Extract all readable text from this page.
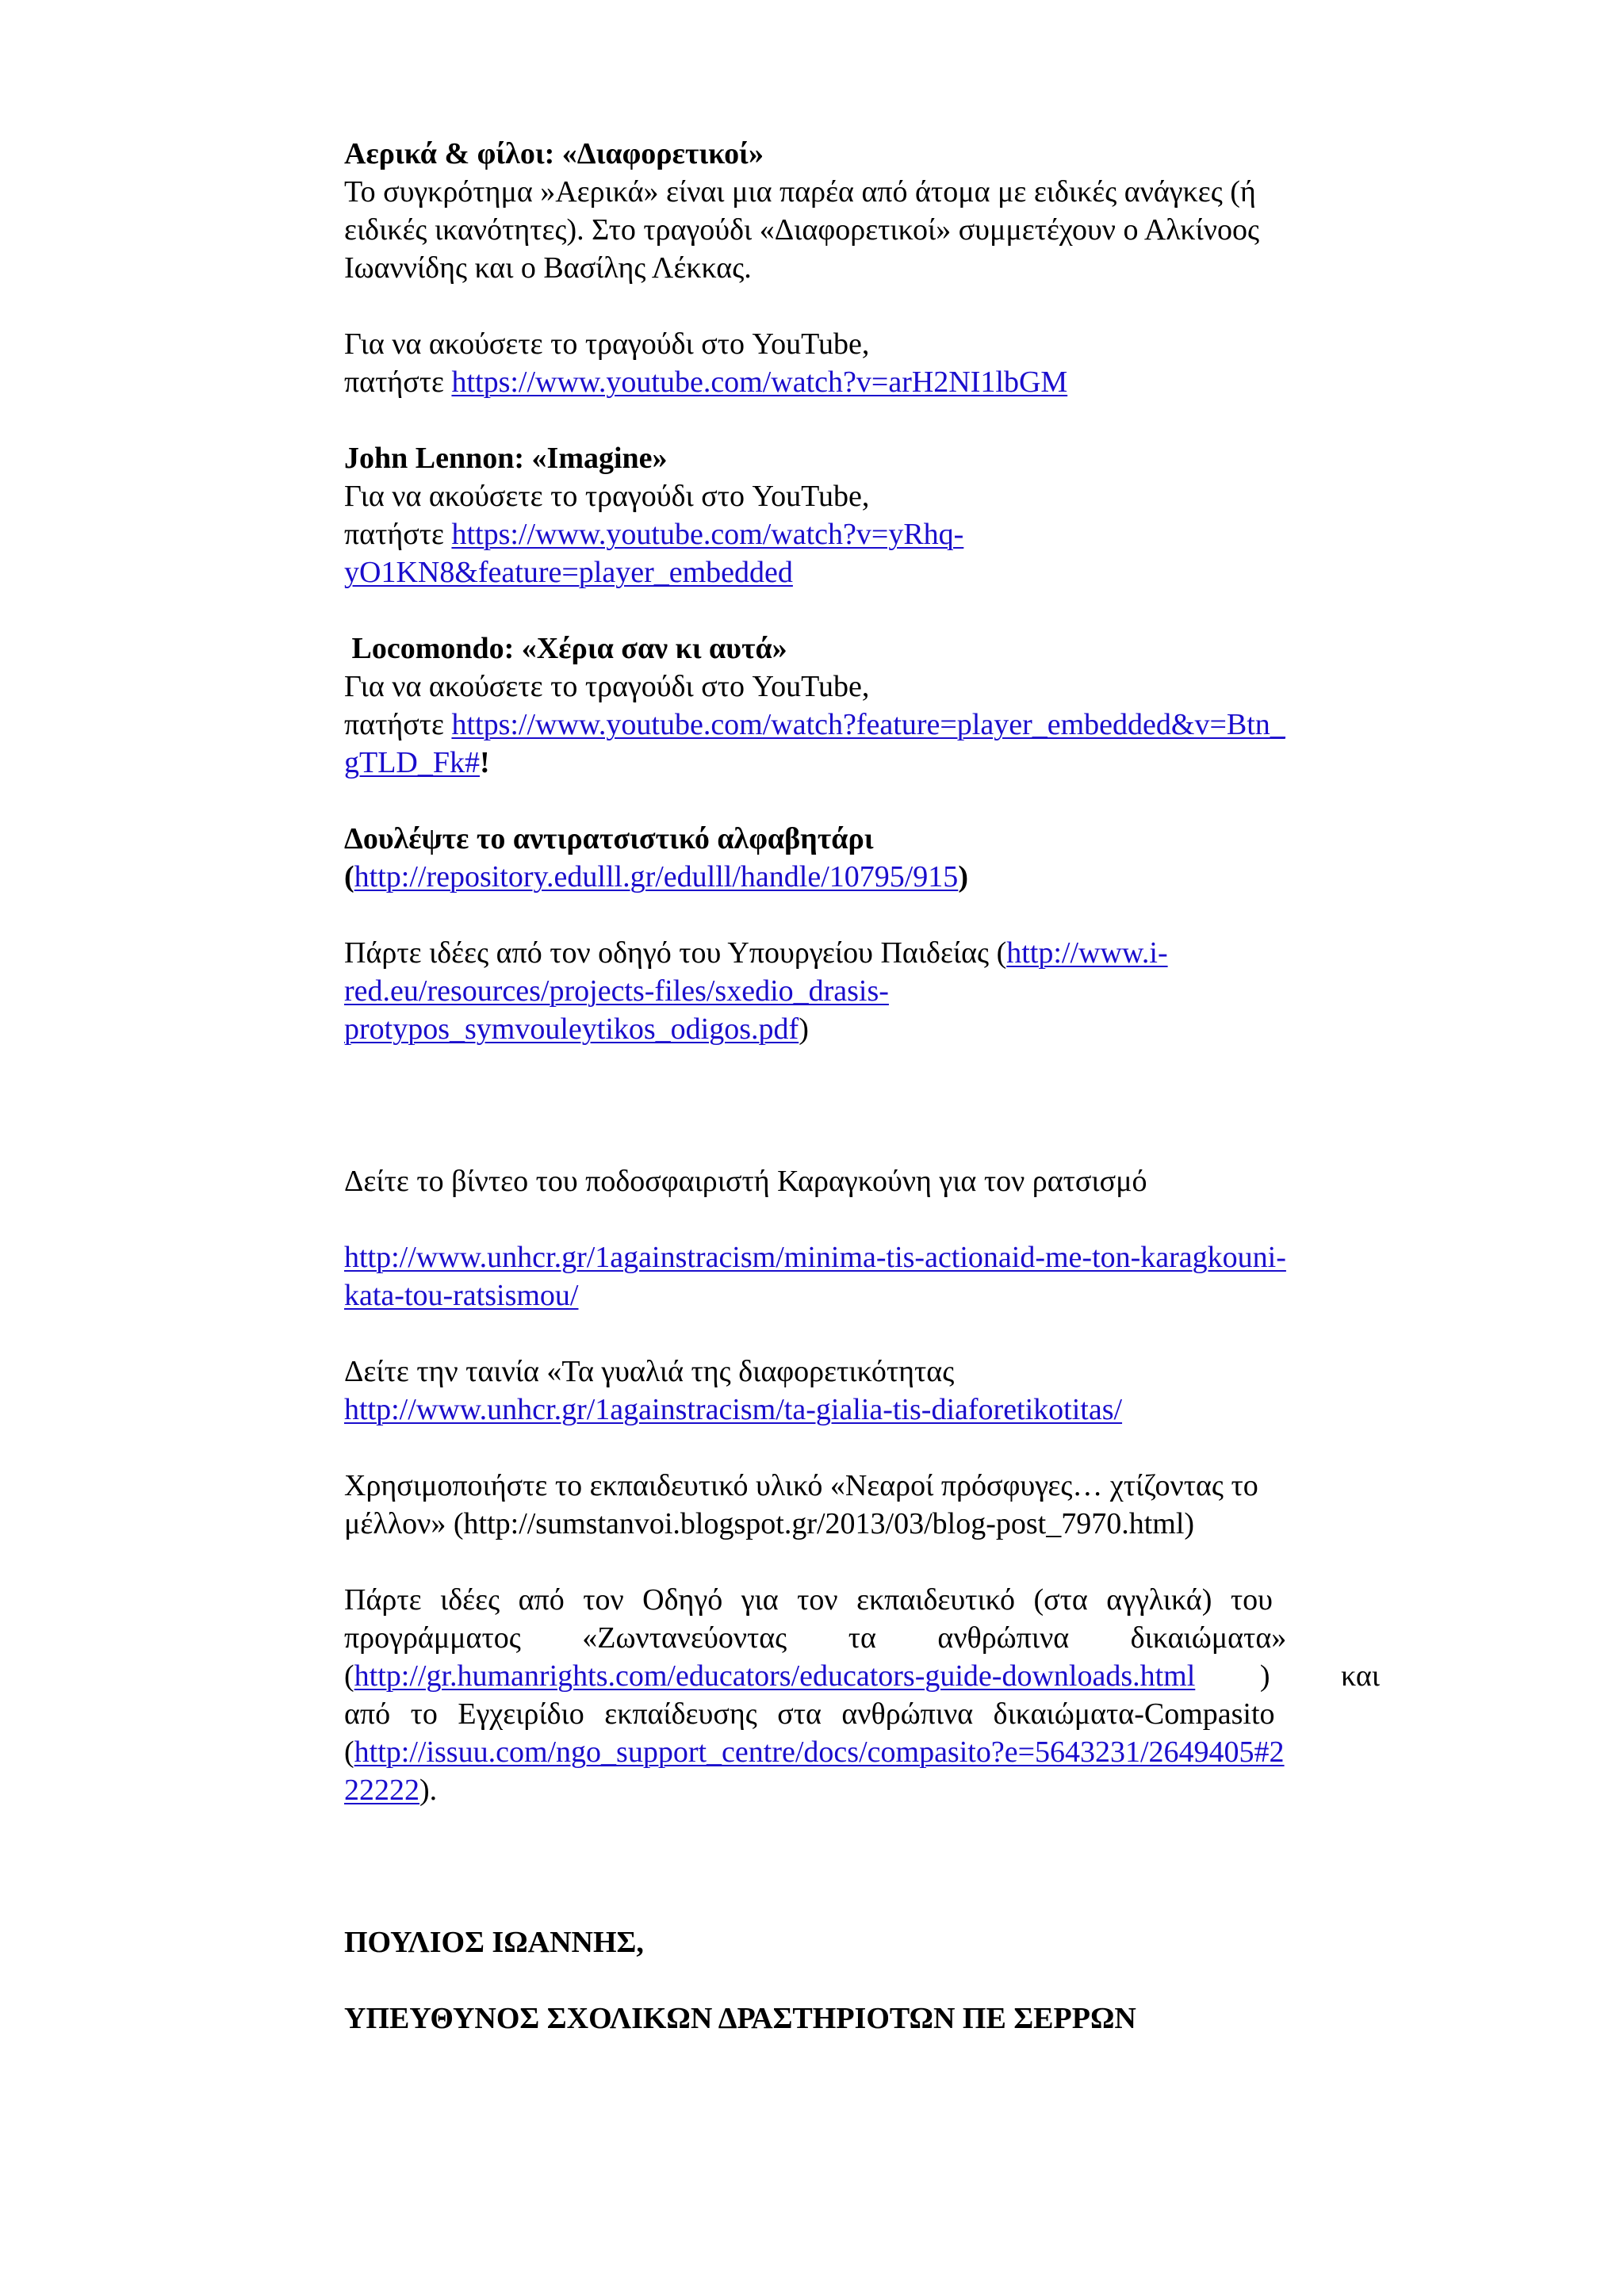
Αερικά & φίλοι: «Διαφορετικοί»
Το συγκρότημα »Αερικά» είναι μια παρέα από άτομα με ειδικές ανάγκες (ή
ειδικές ικανότητες). Στο τραγούδι «Διαφορετικοί» συμμετέχουν ο Αλκίνοος
Ιωαννίδης και ο Βασίλης Λέκκας.
Για να ακούσετε το τραγούδι στο YouTube,
πατήστε https://www.youtube.com/watch?v=arH2NI1lbGM
John Lennon: «Imagine»
Για να ακούσετε το τραγούδι στο YouTube,
πατήστε https://www.youtube.com/watch?v=yRhq-
yO1KN8&feature=player_embedded
Locomondo: «Χέρια σαν κι αυτά»
Για να ακούσετε το τραγούδι στο YouTube,
πατήστε https://www.youtube.com/watch?feature=player_embedded&v=Btn_
gTLD_Fk#!
Δουλέψτε το αντιρατσιστικό αλφαβητάρι
(http://repository.edulll.gr/edulll/handle/10795/915)
Πάρτε ιδέες από τον οδηγό του Υπουργείου Παιδείας (http://www.i-
red.eu/resources/projects-files/sxedio_drasis-
protypos_symvouleytikos_odigos.pdf)
Δείτε το βίντεο του ποδοσφαιριστή Καραγκούνη για τον ρατσισμό
http://www.unhcr.gr/1againstracism/minima-tis-actionaid-me-ton-karagkouni-
kata-tou-ratsismou/
Δείτε την ταινία «Τα γυαλιά της διαφορετικότητας
http://www.unhcr.gr/1againstracism/ta-gialia-tis-diaforetikotitas/
Χρησιμοποιήστε το εκπαιδευτικό υλικό «Νεαροί πρόσφυγες… χτίζοντας το
μέλλον» (http://sumstanvoi.blogspot.gr/2013/03/blog-post_7970.html)
Πάρτε ιδέες από τον Οδηγό για τον εκπαιδευτικό (στα αγγλικά) του
προγράμματος «Ζωντανεύοντας τα ανθρώπινα δικαιώματα»
(http://gr.humanrights.com/educators/educators-guide-downloads.html ) και
από το Εγχειρίδιο εκπαίδευσης στα ανθρώπινα δικαιώματα-Compasito
(http://issuu.com/ngo_support_centre/docs/compasito?e=5643231/2649405#2
22222).
ΠΟΥΛΙΟΣ ΙΩΑΝΝΗΣ,
ΥΠΕΥΘΥΝΟΣ ΣΧΟΛΙΚΩΝ ΔΡΑΣΤΗΡΙΟΤΩΝ ΠΕ ΣΕΡΡΩΝ
